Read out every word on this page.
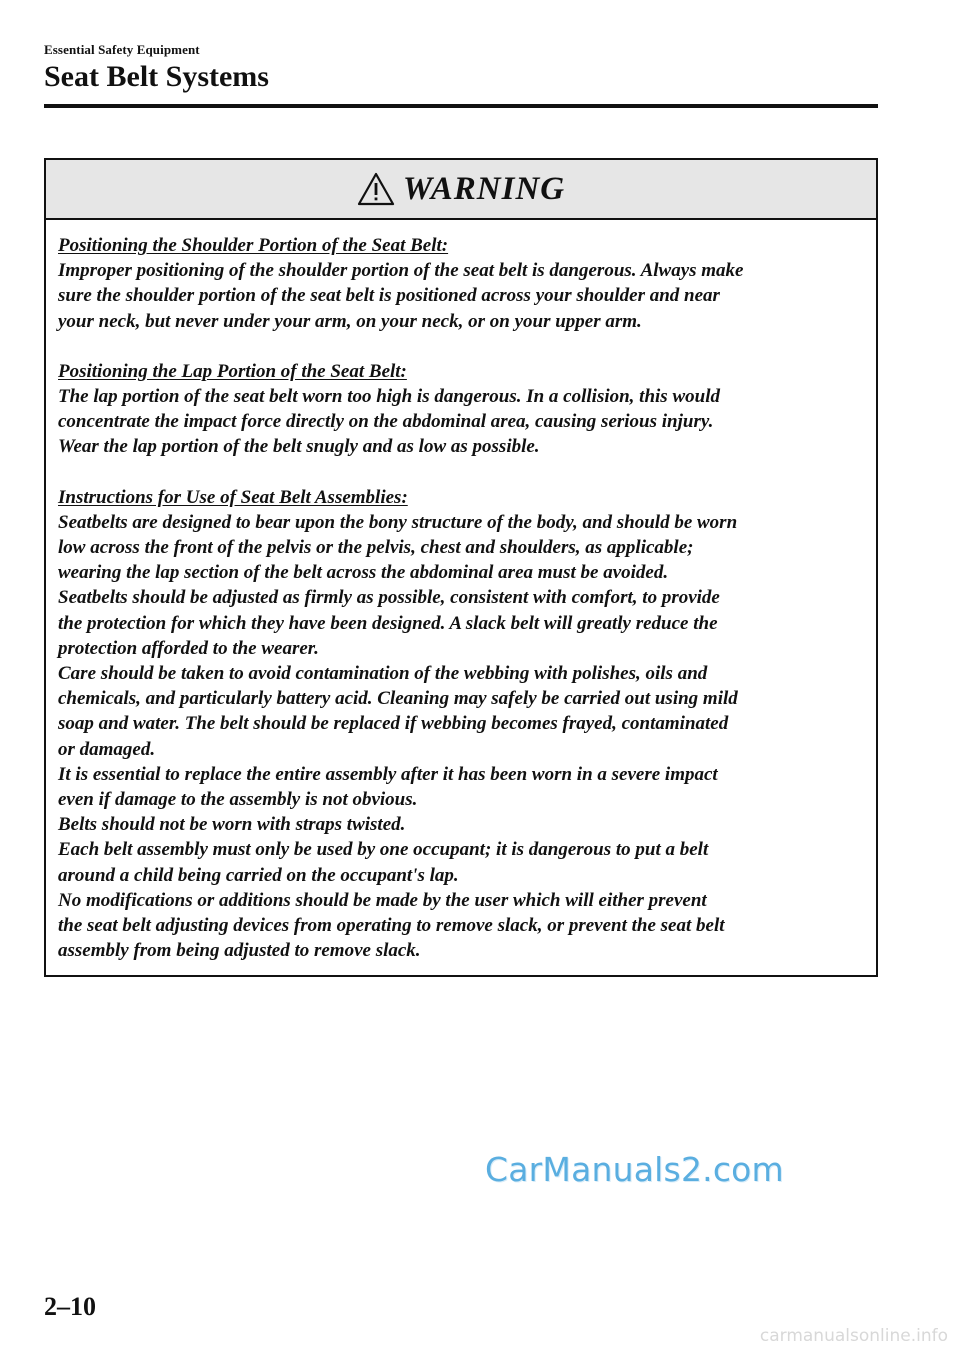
Essential Safety Equipment
Seat Belt Systems
WARNING
Positioning the Shoulder Portion of the Seat Belt:
Improper positioning of the shoulder portion of the seat belt is dangerous. Always make
sure the shoulder portion of the seat belt is positioned across your shoulder and near
your neck, but never under your arm, on your neck, or on your upper arm.
Positioning the Lap Portion of the Seat Belt:
The lap portion of the seat belt worn too high is dangerous. In a collision, this would
concentrate the impact force directly on the abdominal area, causing serious injury.
Wear the lap portion of the belt snugly and as low as possible.
Instructions for Use of Seat Belt Assemblies:
Seatbelts are designed to bear upon the bony structure of the body, and should be worn
low across the front of the pelvis or the pelvis, chest and shoulders, as applicable;
wearing the lap section of the belt across the abdominal area must be avoided.
Seatbelts should be adjusted as firmly as possible, consistent with comfort, to provide
the protection for which they have been designed. A slack belt will greatly reduce the
protection afforded to the wearer.
Care should be taken to avoid contamination of the webbing with polishes, oils and
chemicals, and particularly battery acid. Cleaning may safely be carried out using mild
soap and water. The belt should be replaced if webbing becomes frayed, contaminated
or damaged.
It is essential to replace the entire assembly after it has been worn in a severe impact
even if damage to the assembly is not obvious.
Belts should not be worn with straps twisted.
Each belt assembly must only be used by one occupant; it is dangerous to put a belt
around a child being carried on the occupant's lap.
No modifications or additions should be made by the user which will either prevent
the seat belt adjusting devices from operating to remove slack, or prevent the seat belt
assembly from being adjusted to remove slack.
CarManuals2.com
2–10
carmanualsonline.info
